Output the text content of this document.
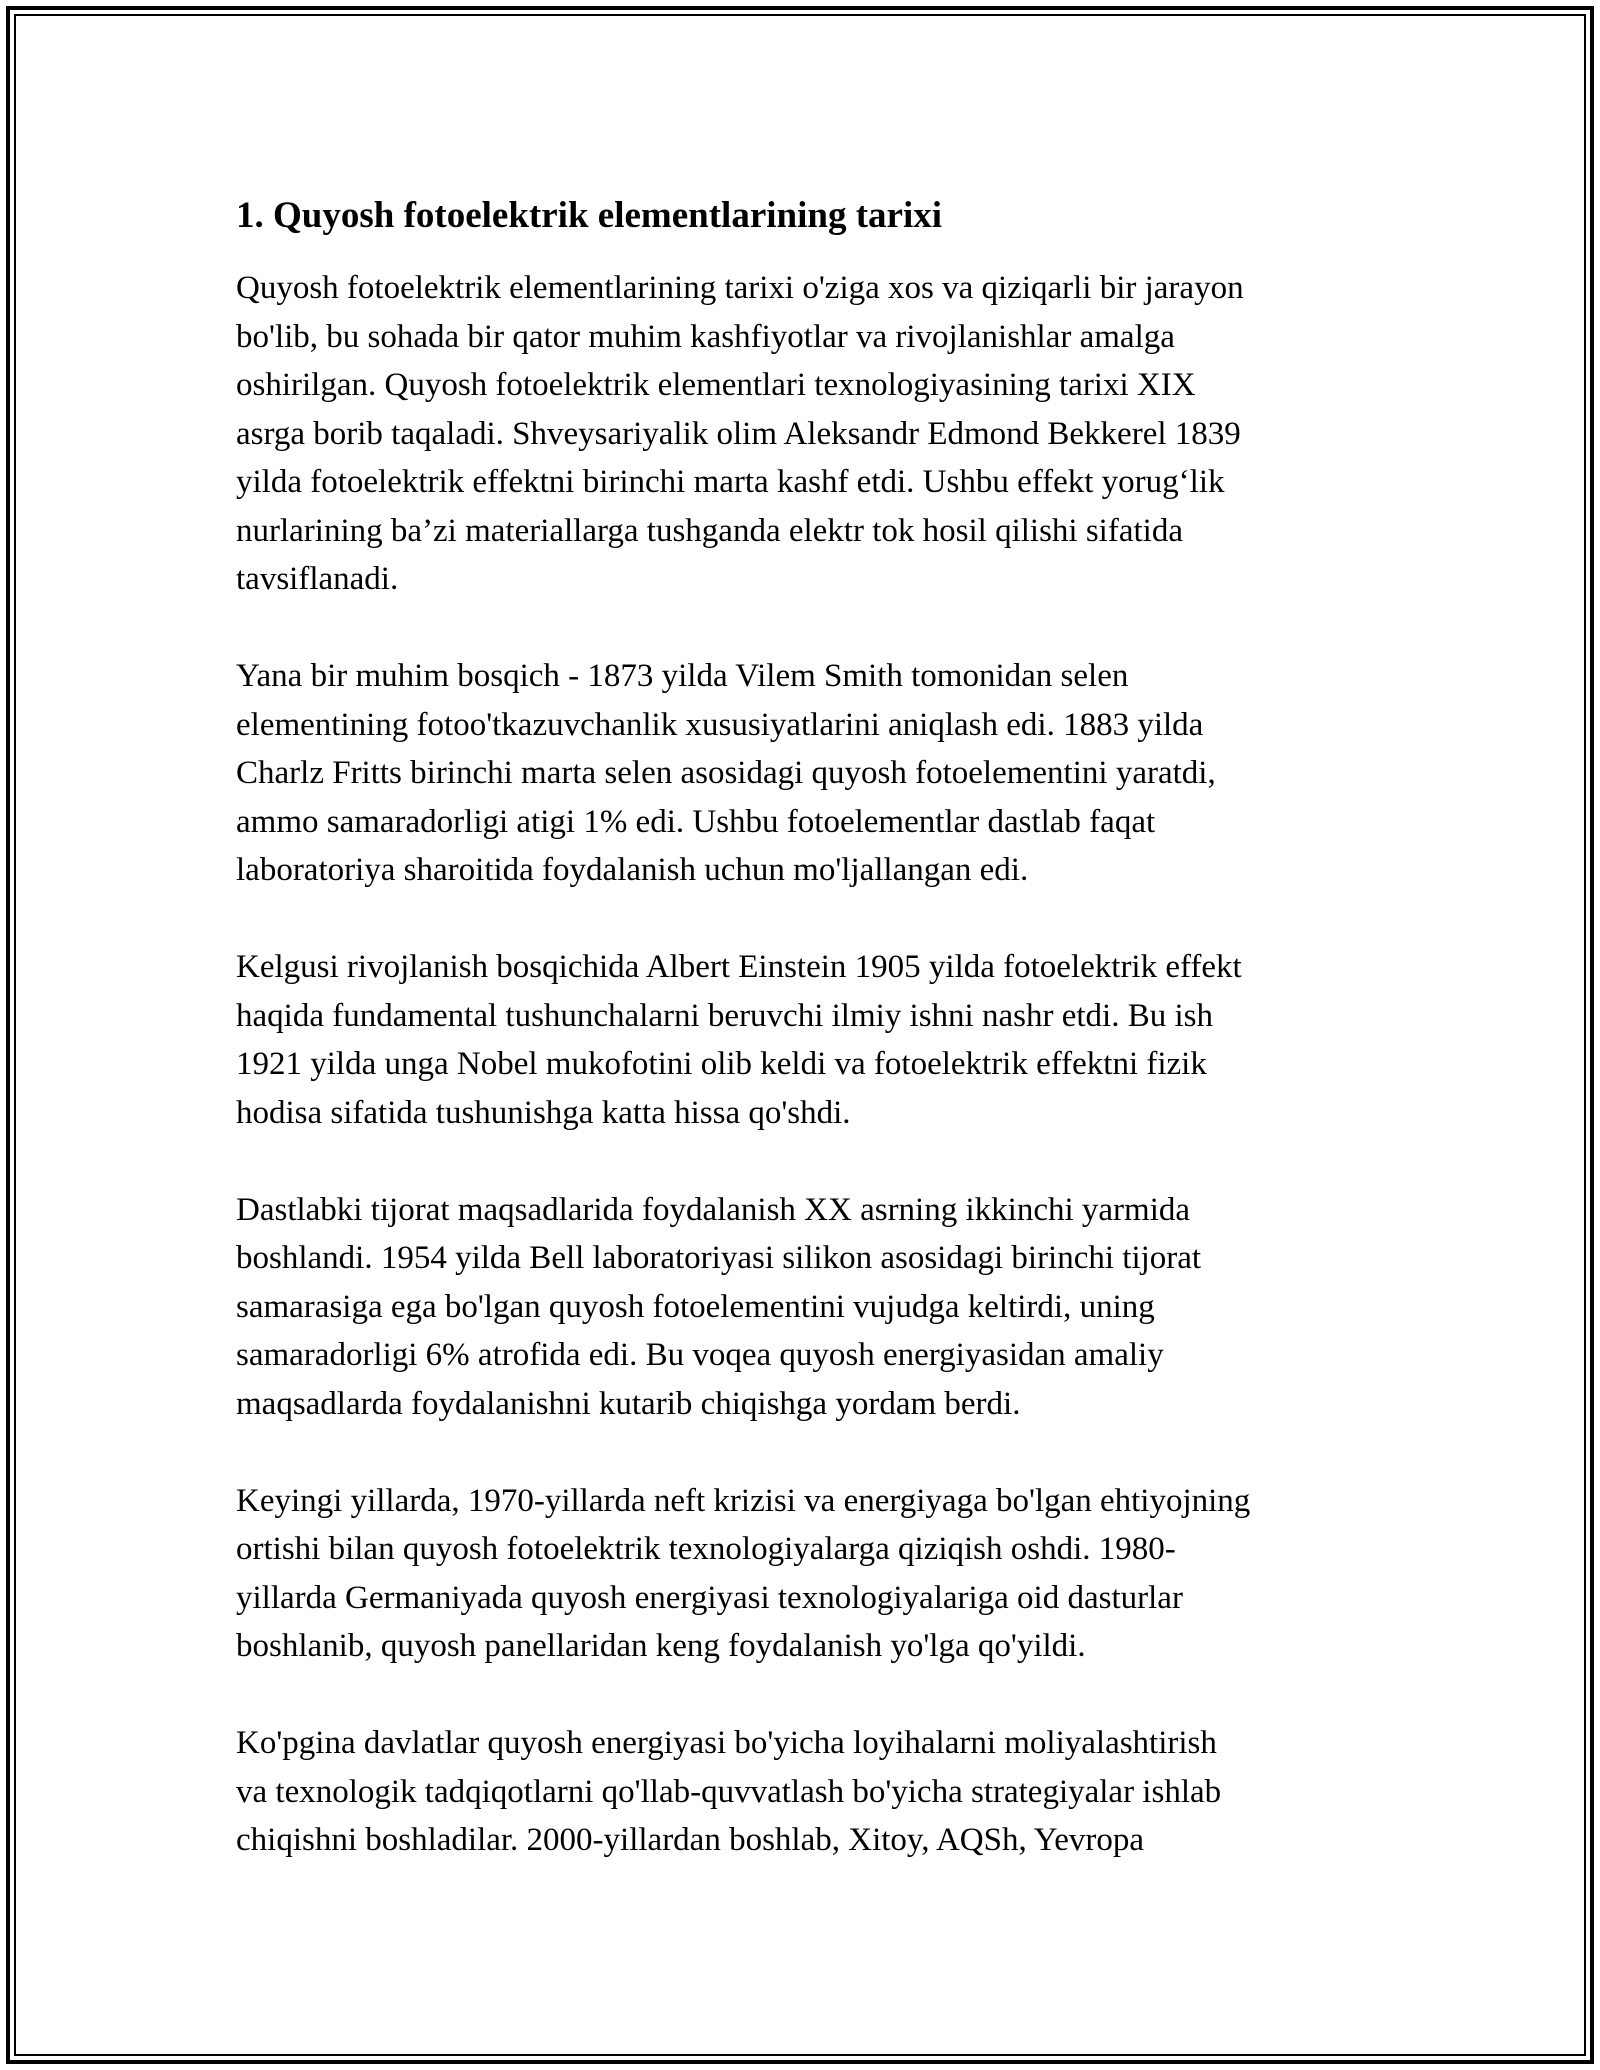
1. Quyosh fotoelektrik elementlarining tarixi
Quyosh fotoelektrik elementlarining tarixi o'ziga xos va qiziqarli bir jarayon
bo'lib, bu sohada bir qator muhim kashfiyotlar va rivojlanishlar amalga
oshirilgan. Quyosh fotoelektrik elementlari texnologiyasining tarixi XIX
asrga borib taqaladi. Shveysariyalik olim Aleksandr Edmond Bekkerel 1839
yilda fotoelektrik effektni birinchi marta kashf etdi. Ushbu effekt yorug‘lik
nurlarining ba’zi materiallarga tushganda elektr tok hosil qilishi sifatida
tavsiflanadi.
Yana bir muhim bosqich - 1873 yilda Vilem Smith tomonidan selen
elementining fotoo'tkazuvchanlik xususiyatlarini aniqlash edi. 1883 yilda
Charlz Fritts birinchi marta selen asosidagi quyosh fotoelementini yaratdi,
ammo samaradorligi atigi 1% edi. Ushbu fotoelementlar dastlab faqat
laboratoriya sharoitida foydalanish uchun mo'ljallangan edi.
Kelgusi rivojlanish bosqichida Albert Einstein 1905 yilda fotoelektrik effekt
haqida fundamental tushunchalarni beruvchi ilmiy ishni nashr etdi. Bu ish
1921 yilda unga Nobel mukofotini olib keldi va fotoelektrik effektni fizik
hodisa sifatida tushunishga katta hissa qo'shdi.
Dastlabki tijorat maqsadlarida foydalanish XX asrning ikkinchi yarmida
boshlandi. 1954 yilda Bell laboratoriyasi silikon asosidagi birinchi tijorat
samarasiga ega bo'lgan quyosh fotoelementini vujudga keltirdi, uning
samaradorligi 6% atrofida edi. Bu voqea quyosh energiyasidan amaliy
maqsadlarda foydalanishni kutarib chiqishga yordam berdi.
Keyingi yillarda, 1970-yillarda neft krizisi va energiyaga bo'lgan ehtiyojning
ortishi bilan quyosh fotoelektrik texnologiyalarga qiziqish oshdi. 1980-
yillarda Germaniyada quyosh energiyasi texnologiyalariga oid dasturlar
boshlanib, quyosh panellaridan keng foydalanish yo'lga qo'yildi.
Ko'pgina davlatlar quyosh energiyasi bo'yicha loyihalarni moliyalashtirish
va texnologik tadqiqotlarni qo'llab-quvvatlash bo'yicha strategiyalar ishlab
chiqishni boshladilar. 2000-yillardan boshlab, Xitoy, AQSh, Yevropa
